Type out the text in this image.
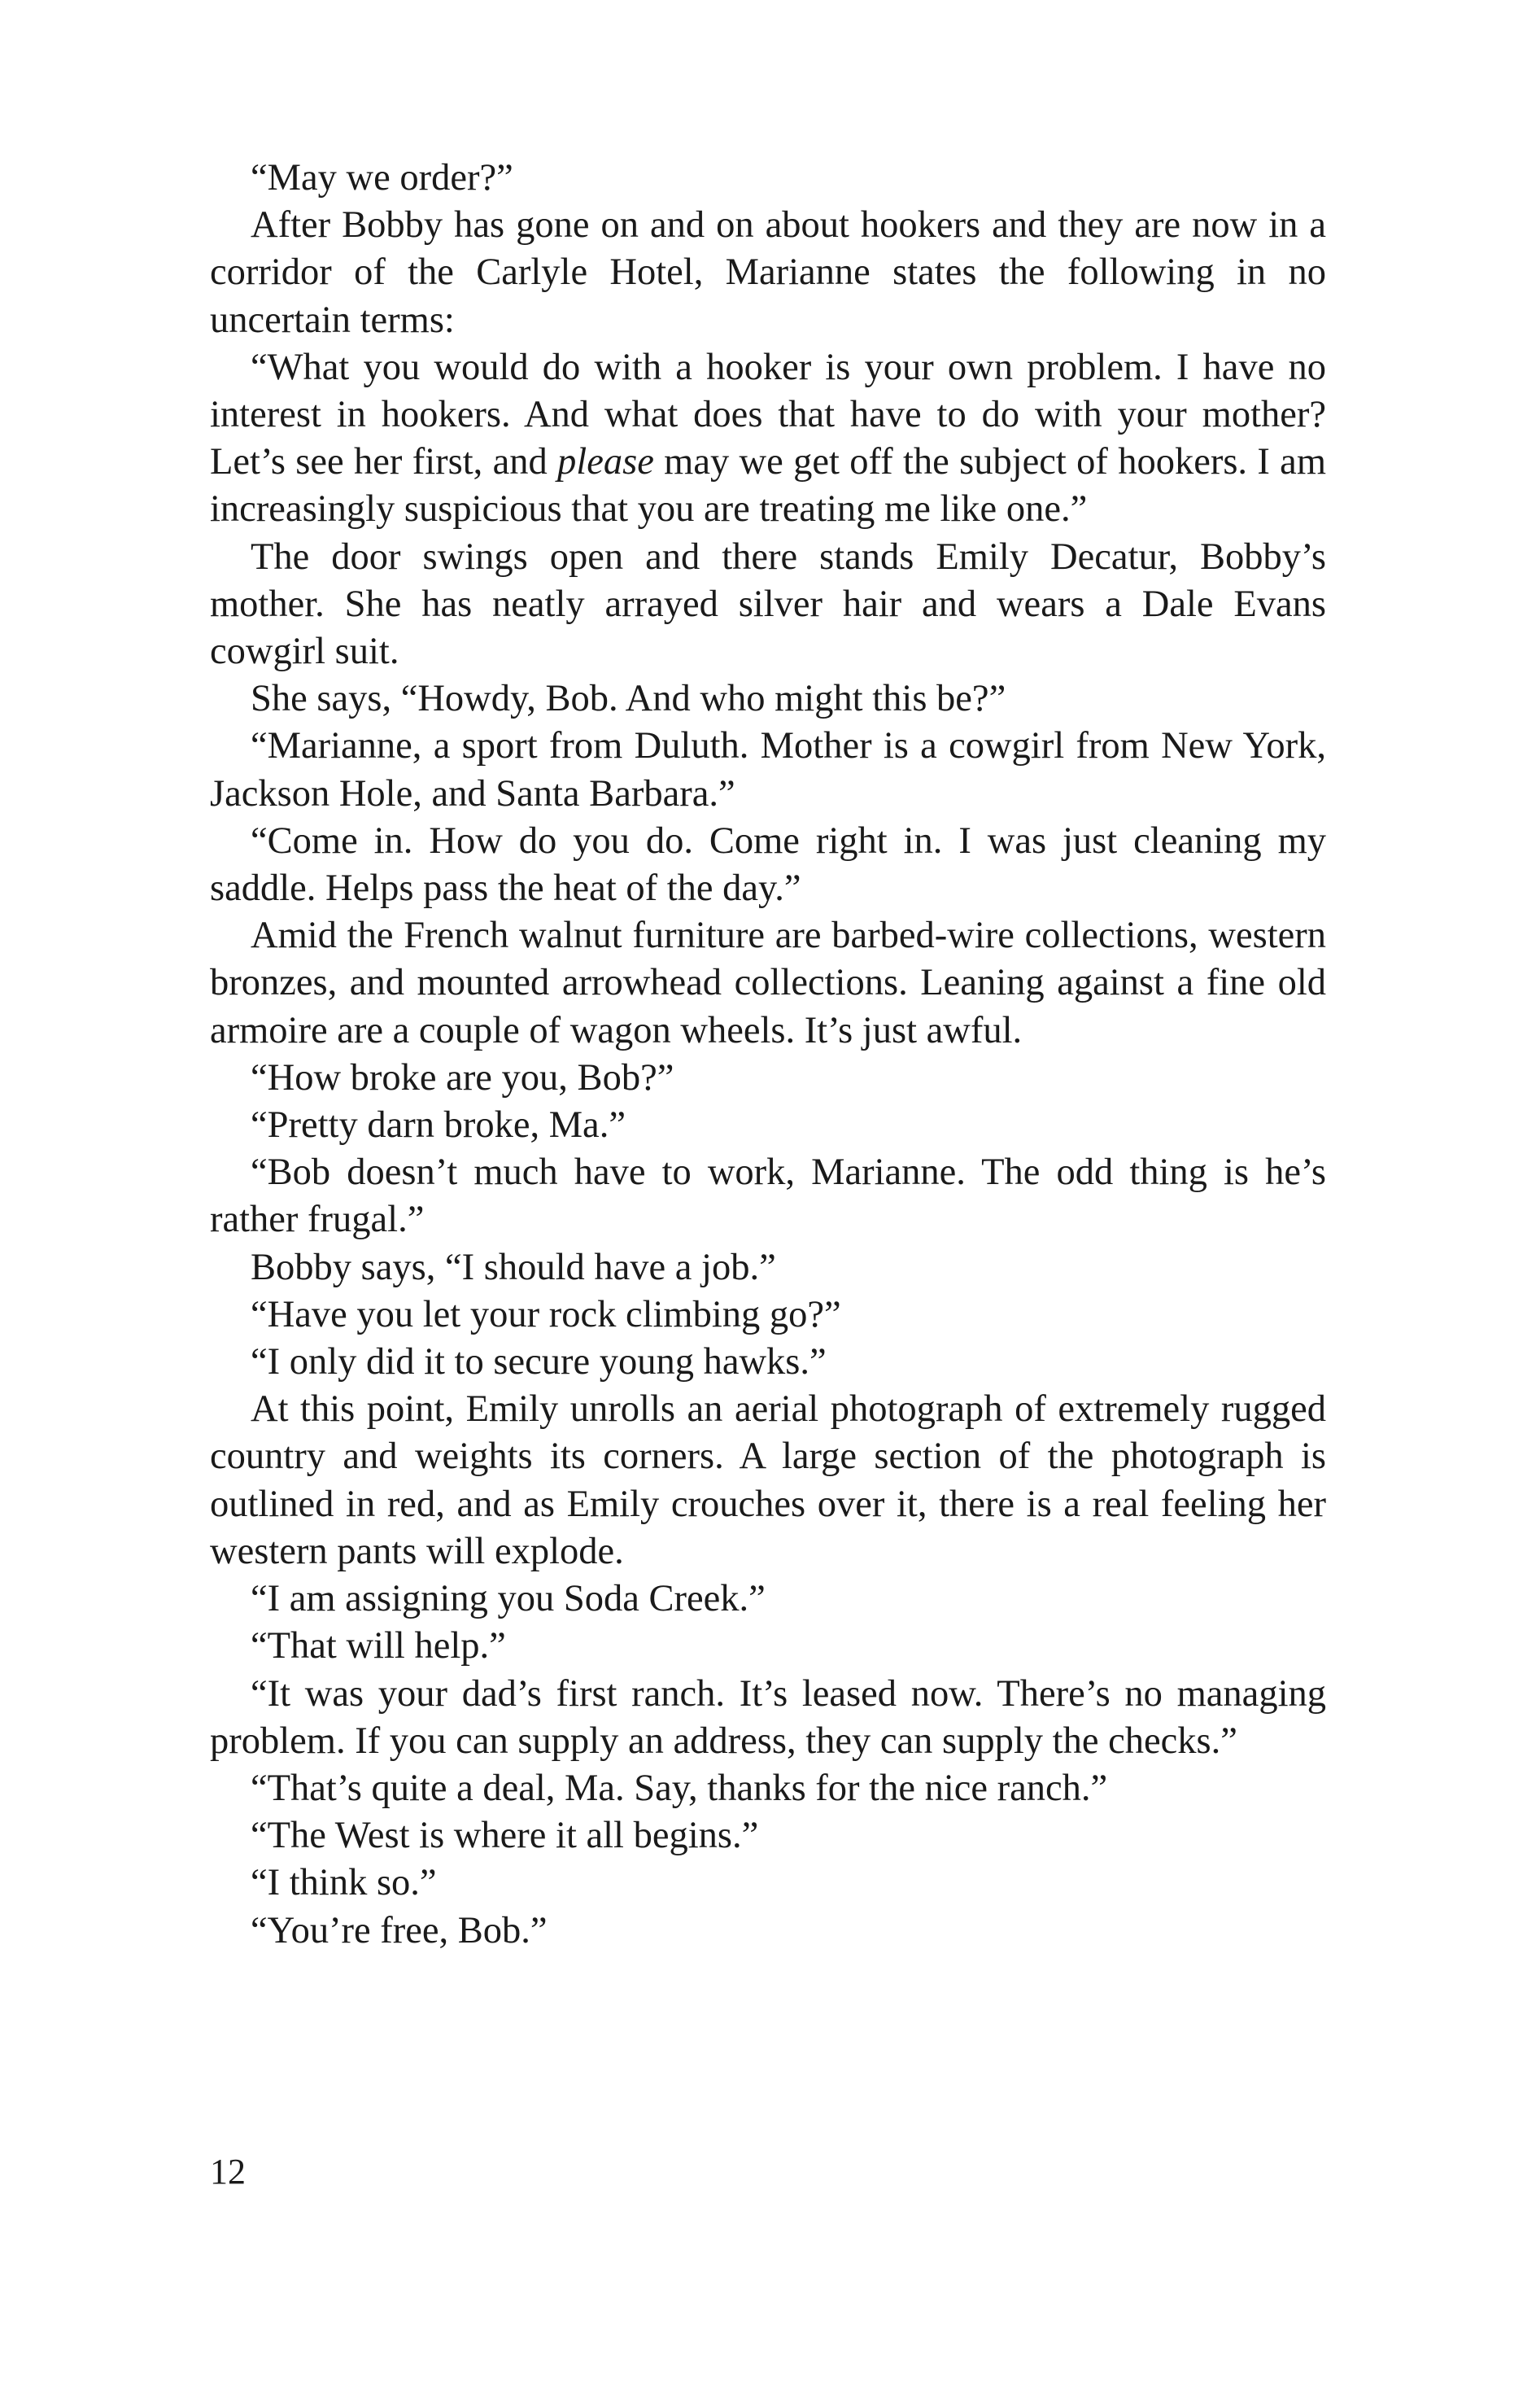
“May we order?”

After Bobby has gone on and on about hookers and they are now in a corridor of the Carlyle Hotel, Marianne states the following in no uncertain terms:

“What you would do with a hooker is your own problem. I have no interest in hookers. And what does that have to do with your mother? Let’s see her first, and please may we get off the subject of hookers. I am increasingly suspicious that you are treating me like one.”

The door swings open and there stands Emily Decatur, Bobby’s mother. She has neatly arrayed silver hair and wears a Dale Evans cowgirl suit.

She says, “Howdy, Bob. And who might this be?”

“Marianne, a sport from Duluth. Mother is a cowgirl from New York, Jackson Hole, and Santa Barbara.”

“Come in. How do you do. Come right in. I was just cleaning my saddle. Helps pass the heat of the day.”

Amid the French walnut furniture are barbed-wire collections, western bronzes, and mounted arrowhead collections. Leaning against a fine old armoire are a couple of wagon wheels. It’s just awful.

“How broke are you, Bob?”

“Pretty darn broke, Ma.”

“Bob doesn’t much have to work, Marianne. The odd thing is he’s rather frugal.”

Bobby says, “I should have a job.”

“Have you let your rock climbing go?”

“I only did it to secure young hawks.”

At this point, Emily unrolls an aerial photograph of extremely rugged country and weights its corners. A large section of the photograph is outlined in red, and as Emily crouches over it, there is a real feeling her western pants will explode.

“I am assigning you Soda Creek.”

“That will help.”

“It was your dad’s first ranch. It’s leased now. There’s no managing problem. If you can supply an address, they can supply the checks.”

“That’s quite a deal, Ma. Say, thanks for the nice ranch.”

“The West is where it all begins.”

“I think so.”

“You’re free, Bob.”

12
